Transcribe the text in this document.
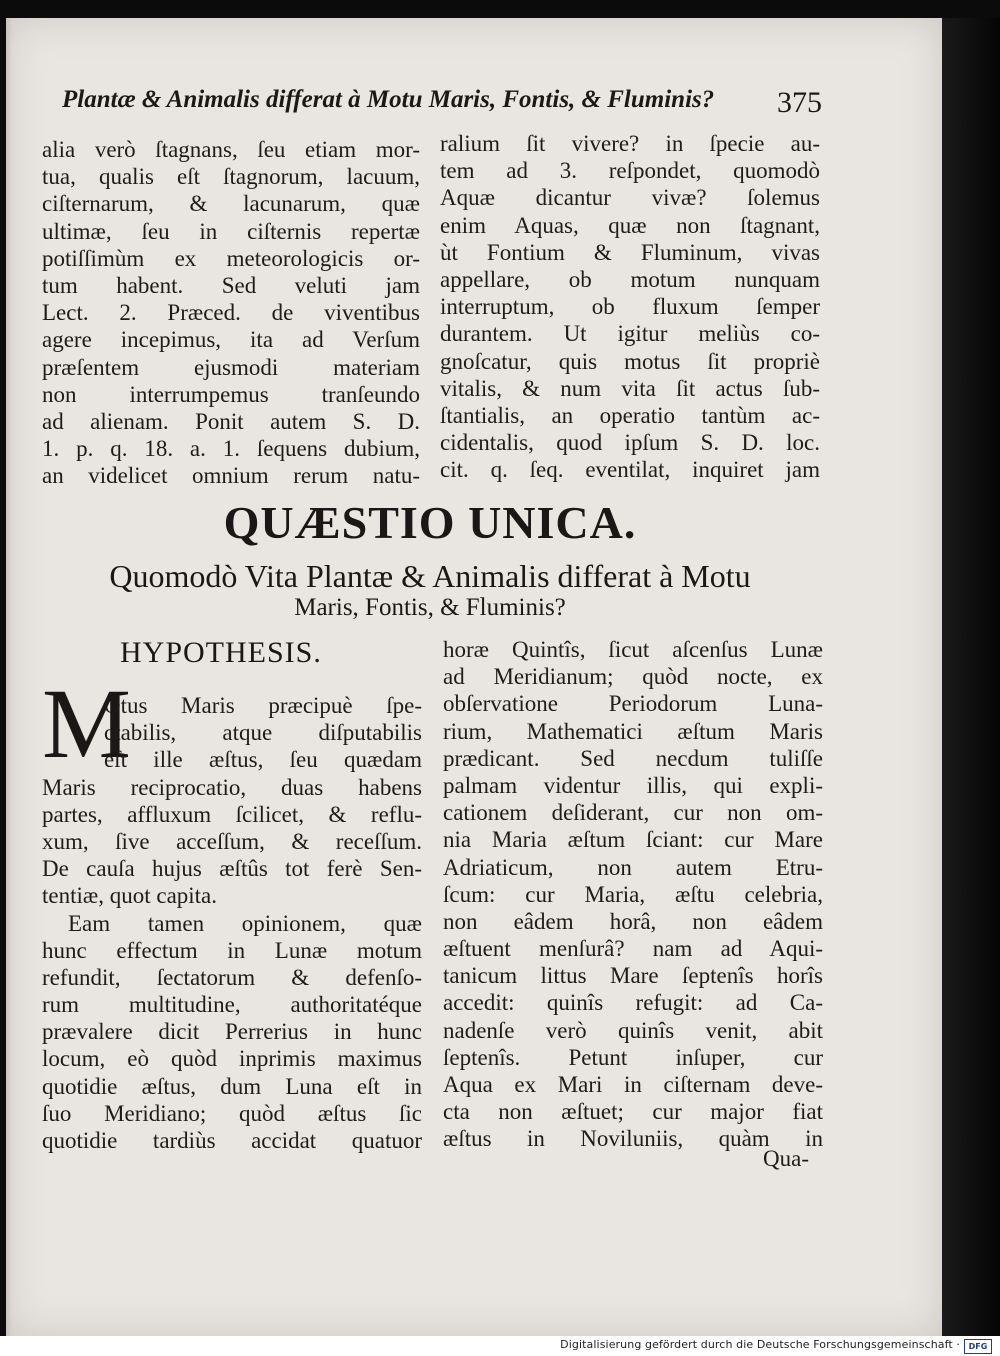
Plantæ & Animalis differat à Motu Maris, Fontis, & Fluminis? 375
alia verò ſtagnans, ſeu etiam mor-
tua, qualis eſt ſtagnorum, lacuum,
ciſternarum, & lacunarum, quæ
ultimæ, ſeu in ciſternis repertæ
potiſſimùm ex meteorologicis or-
tum habent. Sed veluti jam
Lect. 2. Præced. de viventibus
agere incepimus, ita ad Verſum
præſentem ejusmodi materiam
non interrumpemus tranſeundo
ad alienam. Ponit autem S. D.
1. p. q. 18. a. 1. ſequens dubium,
an videlicet omnium rerum natu-
ralium ſit vivere? in ſpecie au-
tem ad 3. reſpondet, quomodò
Aquæ dicantur vivæ? ſolemus
enim Aquas, quæ non ſtagnant,
ùt Fontium & Fluminum, vivas
appellare, ob motum nunquam
interruptum, ob fluxum ſemper
durantem. Ut igitur meliùs co-
gnoſcatur, quis motus ſit propriè
vitalis, & num vita ſit actus ſub-
ſtantialis, an operatio tantùm ac-
cidentalis, quod ipſum S. D. loc.
cit. q. ſeq. eventilat, inquiret jam
QUÆSTIO UNICA.
Quomodò Vita Plantæ & Animalis differat à Motu
Maris, Fontis, & Fluminis?
HYPOTHESIS.
M
Otus Maris præcipuè ſpe-
ctabilis, atque diſputabilis
eſt ille æſtus, ſeu quædam
Maris reciprocatio, duas habens
partes, affluxum ſcilicet, & reflu-
xum, ſive acceſſum, & receſſum.
De cauſa hujus æſtûs tot ferè Sen-
tentiæ, quot capita.
Eam tamen opinionem, quæ
hunc effectum in Lunæ motum
refundit, ſectatorum & defenſo-
rum multitudine, authoritatéque
prævalere dicit Perrerius in hunc
locum, eò quòd inprimis maximus
quotidie æſtus, dum Luna eſt in
ſuo Meridiano; quòd æſtus ſic
quotidie tardiùs accidat quatuor
horæ Quintîs, ſicut aſcenſus Lunæ
ad Meridianum; quòd nocte, ex
obſervatione Periodorum Luna-
rium, Mathematici æſtum Maris
prædicant. Sed necdum tuliſſe
palmam videntur illis, qui expli-
cationem deſiderant, cur non om-
nia Maria æſtum ſciant: cur Mare
Adriaticum, non autem Etru-
ſcum: cur Maria, æſtu celebria,
non eâdem horâ, non eâdem
æſtuent menſurâ? nam ad Aqui-
tanicum littus Mare ſeptenîs horîs
accedit: quinîs refugit: ad Ca-
nadenſe verò quinîs venit, abit
ſeptenîs. Petunt inſuper, cur
Aqua ex Mari in ciſternam deve-
cta non æſtuet; cur major fiat
æſtus in Noviluniis, quàm in
Qua-
Digitalisierung gefördert durch die Deutsche Forschungsgemeinschaft ·	DFG
